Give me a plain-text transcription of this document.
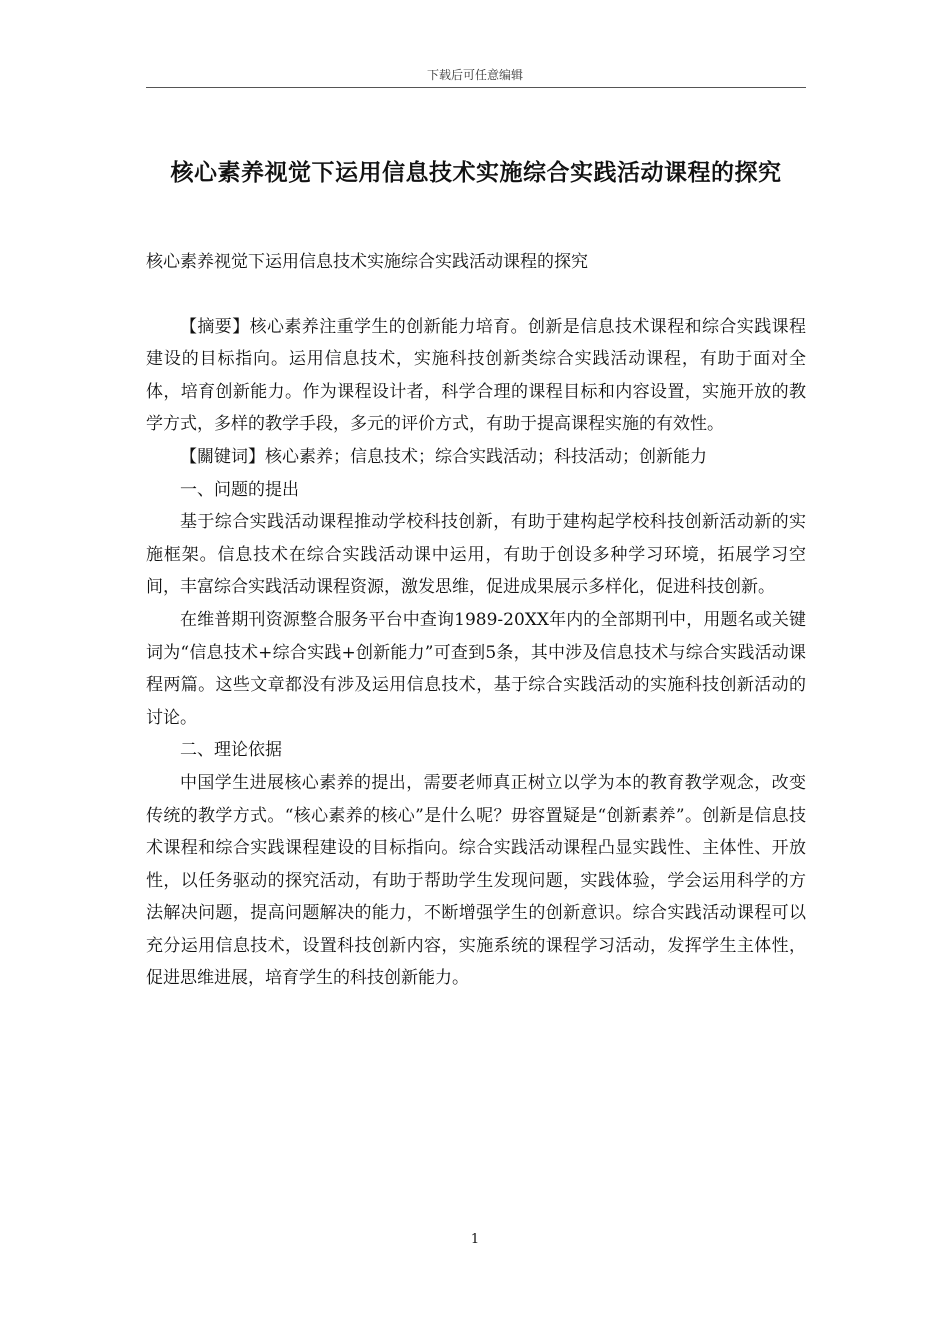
下载后可任意编辑
核心素养视觉下运用信息技术实施综合实践活动课程的探究

核心素养视觉下运用信息技术实施综合实践活动课程的探究

【摘要】核心素养注重学生的创新能力培育。创新是信息技术课程和综合实践课程建设的目标指向。运用信息技术，实施科技创新类综合实践活动课程，有助于面对全体，培育创新能力。作为课程设计者，科学合理的课程目标和内容设置，实施开放的教学方式，多样的教学手段，多元的评价方式，有助于提高课程实施的有效性。

【關键词】核心素养；信息技术；综合实践活动；科技活动；创新能力

一、问题的提出

基于综合实践活动课程推动学校科技创新，有助于建构起学校科技创新活动新的实施框架。信息技术在综合实践活动课中运用，有助于创设多种学习环境，拓展学习空间，丰富综合实践活动课程资源，激发思维，促进成果展示多样化，促进科技创新。

在维普期刊资源整合服务平台中查询1989-20XX年内的全部期刊中，用题名或关键词为“信息技术+综合实践+创新能力”可查到5条，其中涉及信息技术与综合实践活动课程两篇。这些文章都没有涉及运用信息技术，基于综合实践活动的实施科技创新活动的讨论。

二、理论依据

中国学生进展核心素养的提出，需要老师真正树立以学为本的教育教学观念，改变传统的教学方式。“核心素养的核心”是什么呢？毋容置疑是“创新素养”。创新是信息技术课程和综合实践课程建设的目标指向。综合实践活动课程凸显实践性、主体性、开放性，以任务驱动的探究活动，有助于帮助学生发现问题，实践体验，学会运用科学的方法解决问题，提高问题解决的能力，不断增强学生的创新意识。综合实践活动课程可以充分运用信息技术，设置科技创新内容，实施系统的课程学习活动，发挥学生主体性，促进思维进展，培育学生的科技创新能力。

1
